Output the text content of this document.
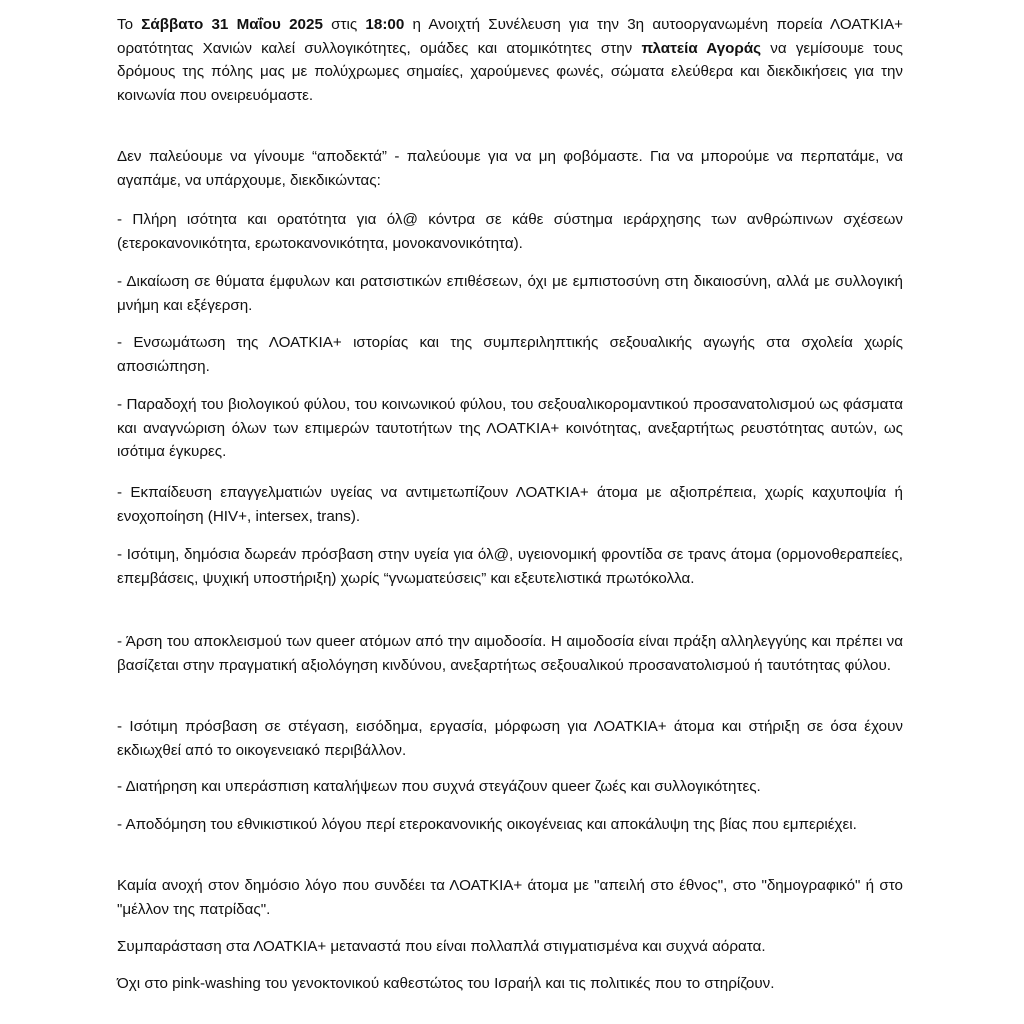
Το Σάββατο 31 Μαΐου 2025 στις 18:00 η Ανοιχτή Συνέλευση για την 3η αυτοοργανωμένη πορεία ΛΟΑΤΚΙΑ+ ορατότητας Χανιών καλεί συλλογικότητες, ομάδες και ατομικότητες στην πλατεία Αγοράς να γεμίσουμε τους δρόμους της πόλης μας με πολύχρωμες σημαίες, χαρούμενες φωνές, σώματα ελεύθερα και διεκδικήσεις για την κοινωνία που ονειρευόμαστε.

Δεν παλεύουμε να γίνουμε “αποδεκτά” - παλεύουμε για να μη φοβόμαστε. Για να μπορούμε να περπατάμε, να αγαπάμε, να υπάρχουμε, διεκδικώντας:

- Πλήρη ισότητα και ορατότητα για όλ@ κόντρα σε κάθε σύστημα ιεράρχησης των ανθρώπινων σχέσεων (ετεροκανονικότητα, ερωτοκανονικότητα, μονοκανονικότητα).

- Δικαίωση σε θύματα έμφυλων και ρατσιστικών επιθέσεων, όχι με εμπιστοσύνη στη δικαιοσύνη, αλλά με συλλογική μνήμη και εξέγερση.

- Ενσωμάτωση της ΛΟΑΤΚΙΑ+ ιστορίας και της συμπεριληπτικής σεξουαλικής αγωγής στα σχολεία χωρίς αποσιώπηση.

- Παραδοχή του βιολογικού φύλου, του κοινωνικού φύλου, του σεξουαλικορομαντικού προσανατολισμού ως φάσματα και αναγνώριση όλων των επιμερών ταυτοτήτων της ΛΟΑΤΚΙΑ+ κοινότητας, ανεξαρτήτως ρευστότητας αυτών, ως ισότιμα έγκυρες.

- Εκπαίδευση επαγγελματιών υγείας να αντιμετωπίζουν ΛΟΑΤΚΙΑ+ άτομα με αξιοπρέπεια, χωρίς καχυποψία ή ενοχοποίηση (HIV+, intersex, trans).

- Ισότιμη, δημόσια δωρεάν πρόσβαση στην υγεία για όλ@, υγειονομική φροντίδα σε τρανς άτομα (ορμονοθεραπείες, επεμβάσεις, ψυχική υποστήριξη) χωρίς “γνωματεύσεις” και εξευτελιστικά πρωτόκολλα.

- Άρση του αποκλεισμού των queer ατόμων από την αιμοδοσία. Η αιμοδοσία είναι πράξη αλληλεγγύης και πρέπει να βασίζεται στην πραγματική αξιολόγηση κινδύνου, ανεξαρτήτως σεξουαλικού προσανατολισμού ή ταυτότητας φύλου.

- Ισότιμη πρόσβαση σε στέγαση, εισόδημα, εργασία, μόρφωση για ΛΟΑΤΚΙΑ+ άτομα και στήριξη σε όσα έχουν εκδιωχθεί από το οικογενειακό περιβάλλον.

- Διατήρηση και υπεράσπιση καταλήψεων που συχνά στεγάζουν queer ζωές και συλλογικότητες.

- Αποδόμηση του εθνικιστικού λόγου περί ετεροκανονικής οικογένειας και αποκάλυψη της βίας που εμπεριέχει.

Καμία ανοχή στον δημόσιο λόγο που συνδέει τα ΛΟΑΤΚΙΑ+ άτομα με "απειλή στο έθνος", στο "δημογραφικό" ή στο "μέλλον της πατρίδας".

Συμπαράσταση στα ΛΟΑΤΚΙΑ+ μεταναστά που είναι πολλαπλά στιγματισμένα και συχνά αόρατα.

Όχι στο pink-washing του γενοκτονικού καθεστώτος του Ισραήλ και τις πολιτικές που το στηρίζουν.
